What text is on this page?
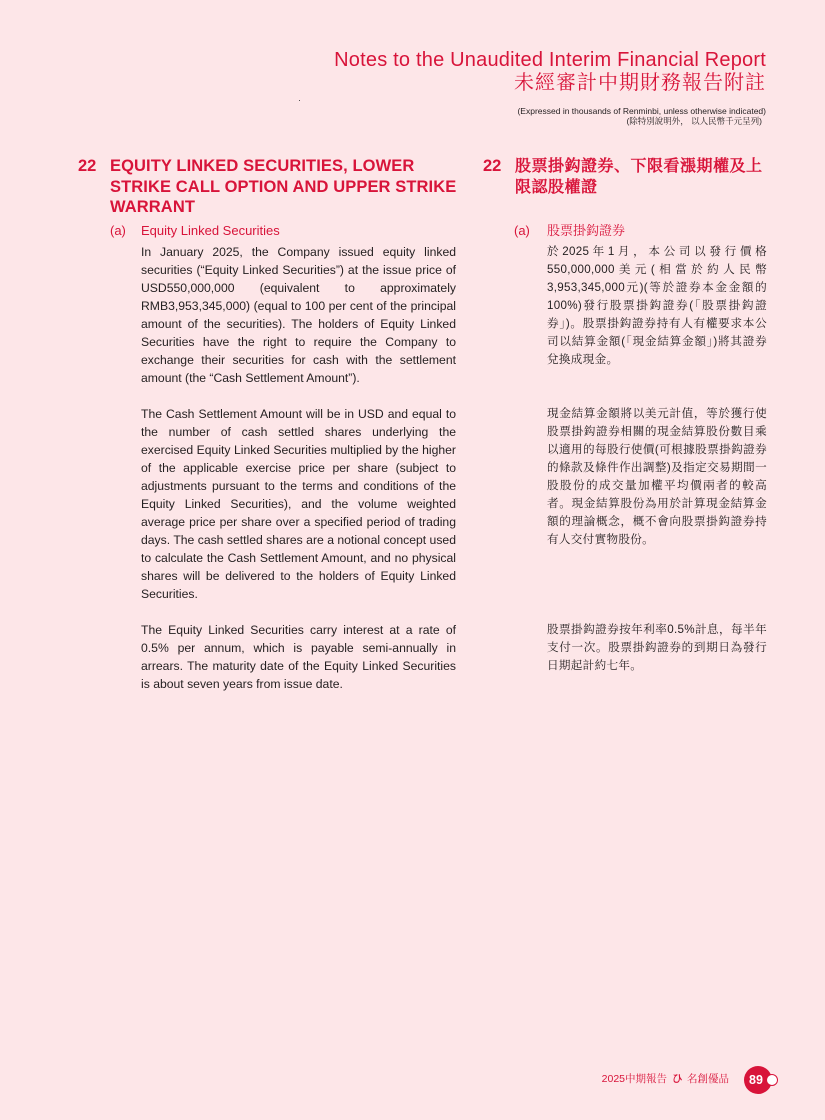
Notes to the Unaudited Interim Financial Report
未經審計中期財務報告附註
(Expressed in thousands of Renminbi, unless otherwise indicated)
(除特別說明外， 以人民幣千元呈列)
22 EQUITY LINKED SECURITIES, LOWER STRIKE CALL OPTION AND UPPER STRIKE WARRANT
(a) Equity Linked Securities
In January 2025, the Company issued equity linked securities (“Equity Linked Securities”) at the issue price of USD550,000,000 (equivalent to approximately RMB3,953,345,000) (equal to 100 per cent of the principal amount of the securities). The holders of Equity Linked Securities have the right to require the Company to exchange their securities for cash with the settlement amount (the “Cash Settlement Amount”).
The Cash Settlement Amount will be in USD and equal to the number of cash settled shares underlying the exercised Equity Linked Securities multiplied by the higher of the applicable exercise price per share (subject to adjustments pursuant to the terms and conditions of the Equity Linked Securities), and the volume weighted average price per share over a specified period of trading days. The cash settled shares are a notional concept used to calculate the Cash Settlement Amount, and no physical shares will be delivered to the holders of Equity Linked Securities.
The Equity Linked Securities carry interest at a rate of 0.5% per annum, which is payable semi-annually in arrears. The maturity date of the Equity Linked Securities is about seven years from issue date.
22 股票掛鈎證券、下限看漲期權及上限認股權證
(a) 股票掛鈎證券
於2025年1月，本公司以發行價格550,000,000美元(相當於約人民幣3,953,345,000元)(等於證券本金金額的100%)發行股票掛鈎證券(「股票掛鈎證券」)。股票掛鈎證券持有人有權要求本公司以結算金額(「現金結算金額」)將其證券兌換成現金。
現金結算金額將以美元計值，等於獲行使股票掛鈎證券相關的現金結算股份數目乘以適用的每股行使價(可根據股票掛鈎證券的條款及條件作出調整)及指定交易期間一股股份的成交量加權平均價兩者的較高者。現金結算股份為用於計算現金結算金額的理論概念，概不會向股票掛鈎證券持有人交付實物股份。
股票掛鈎證券按年利率0.5%計息，每半年支付一次。股票掛鈎證券的到期日為發行日期起計約七年。
2025中期報告 ひ 名創優品	89
